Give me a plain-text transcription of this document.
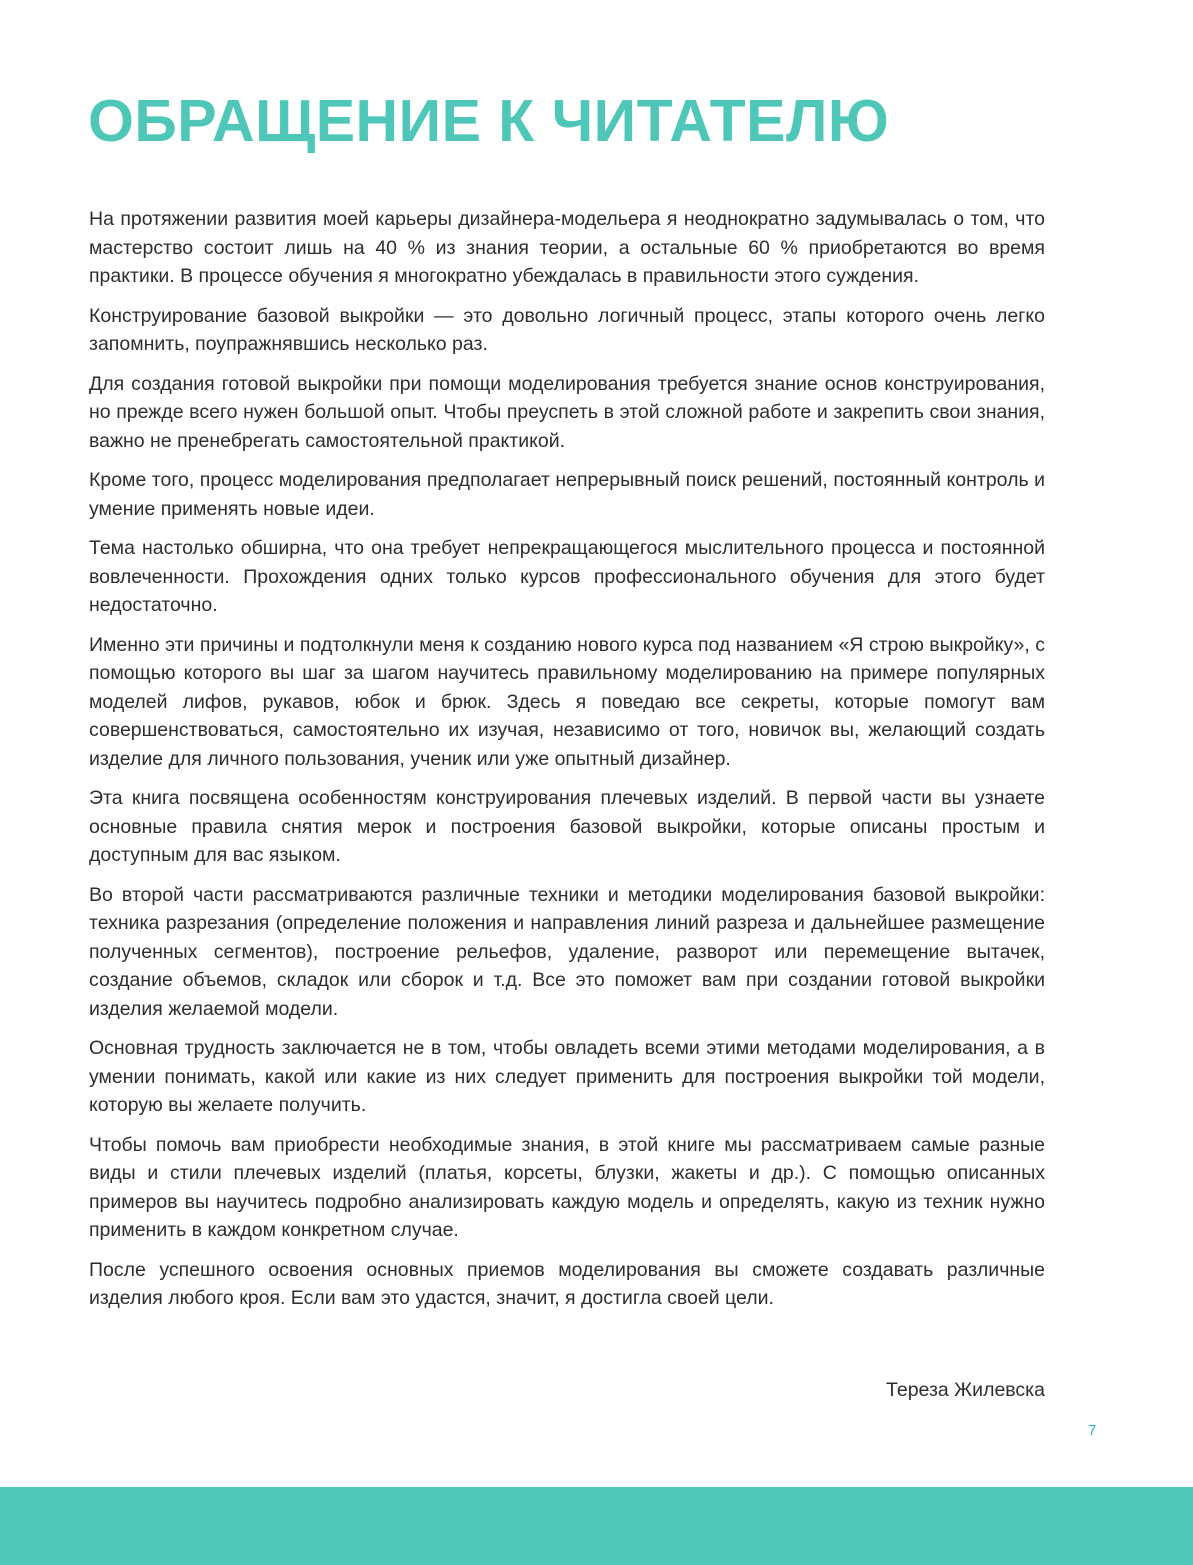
ОБРАЩЕНИЕ К ЧИТАТЕЛЮ

На протяжении развития моей карьеры дизайнера-модельера я неоднократно задумывалась о том, что мастерство состоит лишь на 40 % из знания теории, а остальные 60 % приобретаются во время практики. В процессе обучения я многократно убеждалась в правильности этого суждения.

Конструирование базовой выкройки — это довольно логичный процесс, этапы которого очень легко запомнить, поупражнявшись несколько раз.

Для создания готовой выкройки при помощи моделирования требуется знание основ конструирования, но прежде всего нужен большой опыт. Чтобы преуспеть в этой сложной работе и закрепить свои знания, важно не пренебрегать самостоятельной практикой.

Кроме того, процесс моделирования предполагает непрерывный поиск решений, постоянный контроль и умение применять новые идеи.

Тема настолько обширна, что она требует непрекращающегося мыслительного процесса и постоянной вовлеченности. Прохождения одних только курсов профессионального обучения для этого будет недостаточно.

Именно эти причины и подтолкнули меня к созданию нового курса под названием «Я строю выкройку», с помощью которого вы шаг за шагом научитесь правильному моделированию на примере популярных моделей лифов, рукавов, юбок и брюк. Здесь я поведаю все секреты, которые помогут вам совершенствоваться, самостоятельно их изучая, независимо от того, новичок вы, желающий создать изделие для личного пользования, ученик или уже опытный дизайнер.

Эта книга посвящена особенностям конструирования плечевых изделий. В первой части вы узнаете основные правила снятия мерок и построения базовой выкройки, которые описаны простым и доступным для вас языком.

Во второй части рассматриваются различные техники и методики моделирования базовой выкройки: техника разрезания (определение положения и направления линий разреза и дальнейшее размещение полученных сегментов), построение рельефов, удаление, разворот или перемещение вытачек, создание объемов, складок или сборок и т.д. Все это поможет вам при создании готовой выкройки изделия желаемой модели.

Основная трудность заключается не в том, чтобы овладеть всеми этими методами моделирования, а в умении понимать, какой или какие из них следует применить для построения выкройки той модели, которую вы желаете получить.

Чтобы помочь вам приобрести необходимые знания, в этой книге мы рассматриваем самые разные виды и стили плечевых изделий (платья, корсеты, блузки, жакеты и др.). С помощью описанных примеров вы научитесь подробно анализировать каждую модель и определять, какую из техник нужно применить в каждом конкретном случае.

После успешного освоения основных приемов моделирования вы сможете создавать различные изделия любого кроя. Если вам это удастся, значит, я достигла своей цели.

Тереза Жилевска

7
